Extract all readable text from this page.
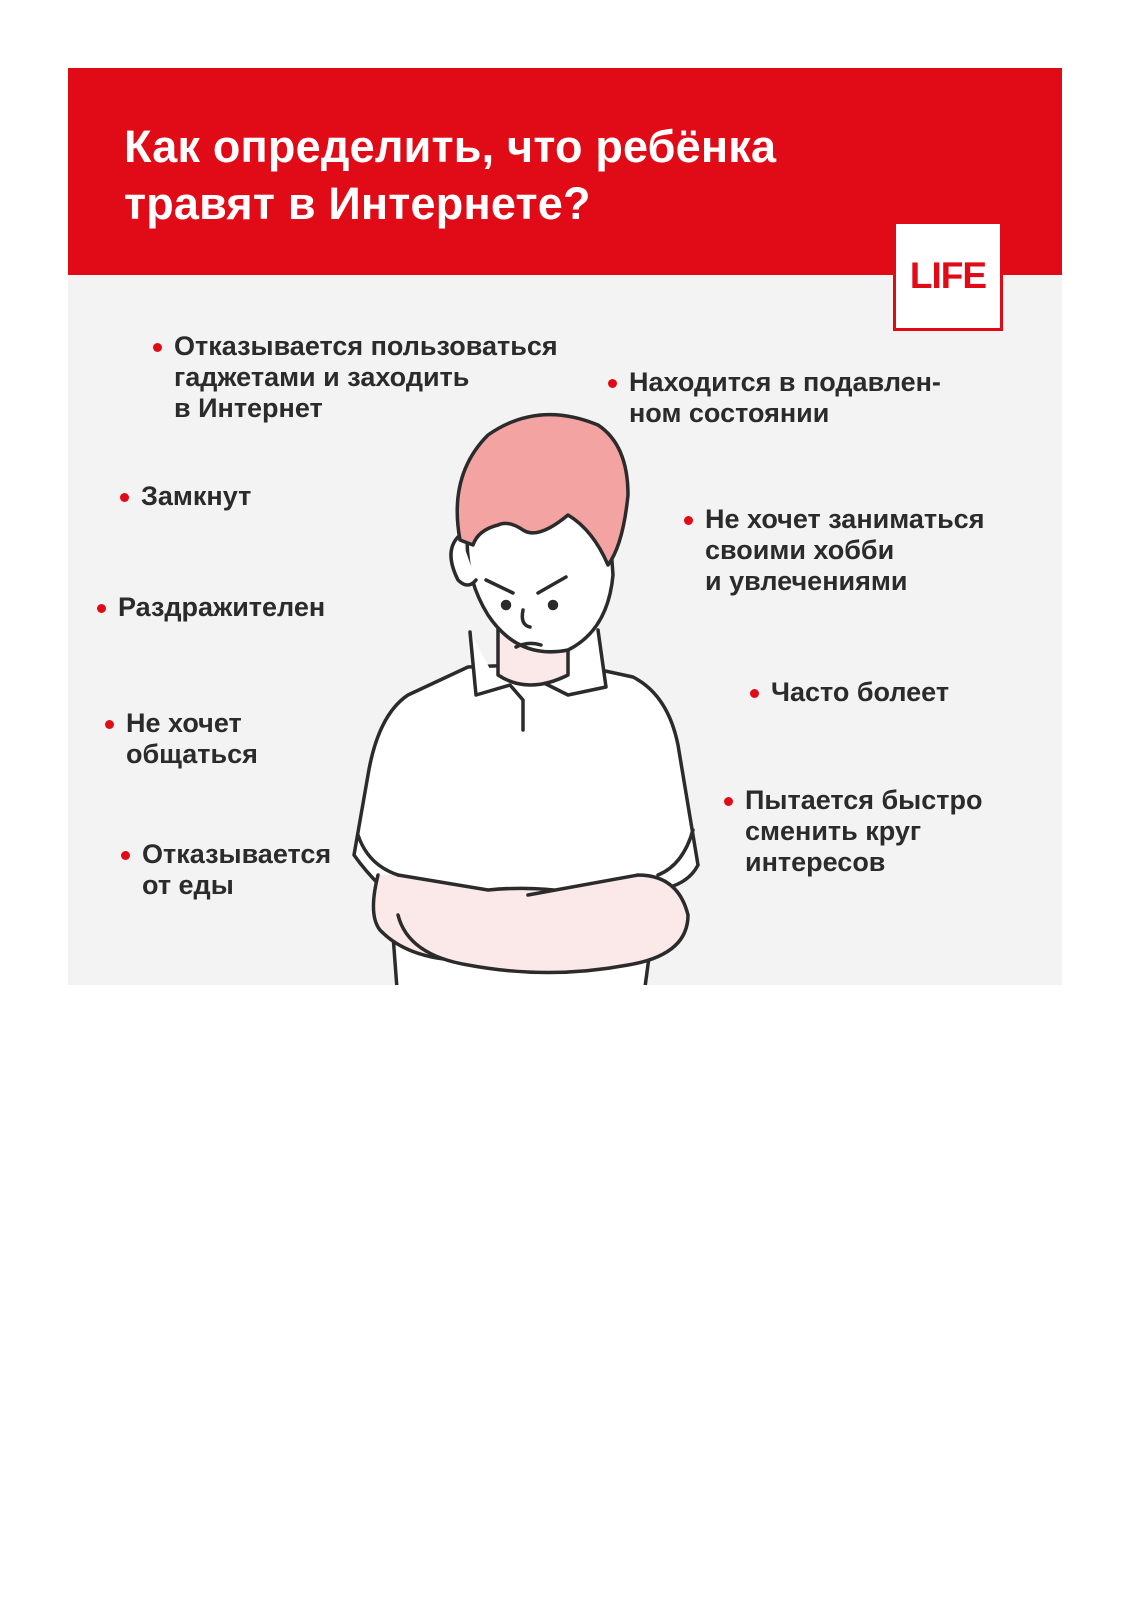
Как определить, что ребёнка
травят в Интернете?
LIFE
Отказывается пользоваться
гаджетами и заходить
в Интернет
Находится в подавлен-
ном состоянии
Замкнут
Не хочет заниматься
своими хобби
и увлечениями
Раздражителен
Часто болеет
Не хочет
общаться
Пытается быстро
сменить круг
интересов
Отказывается
от еды
